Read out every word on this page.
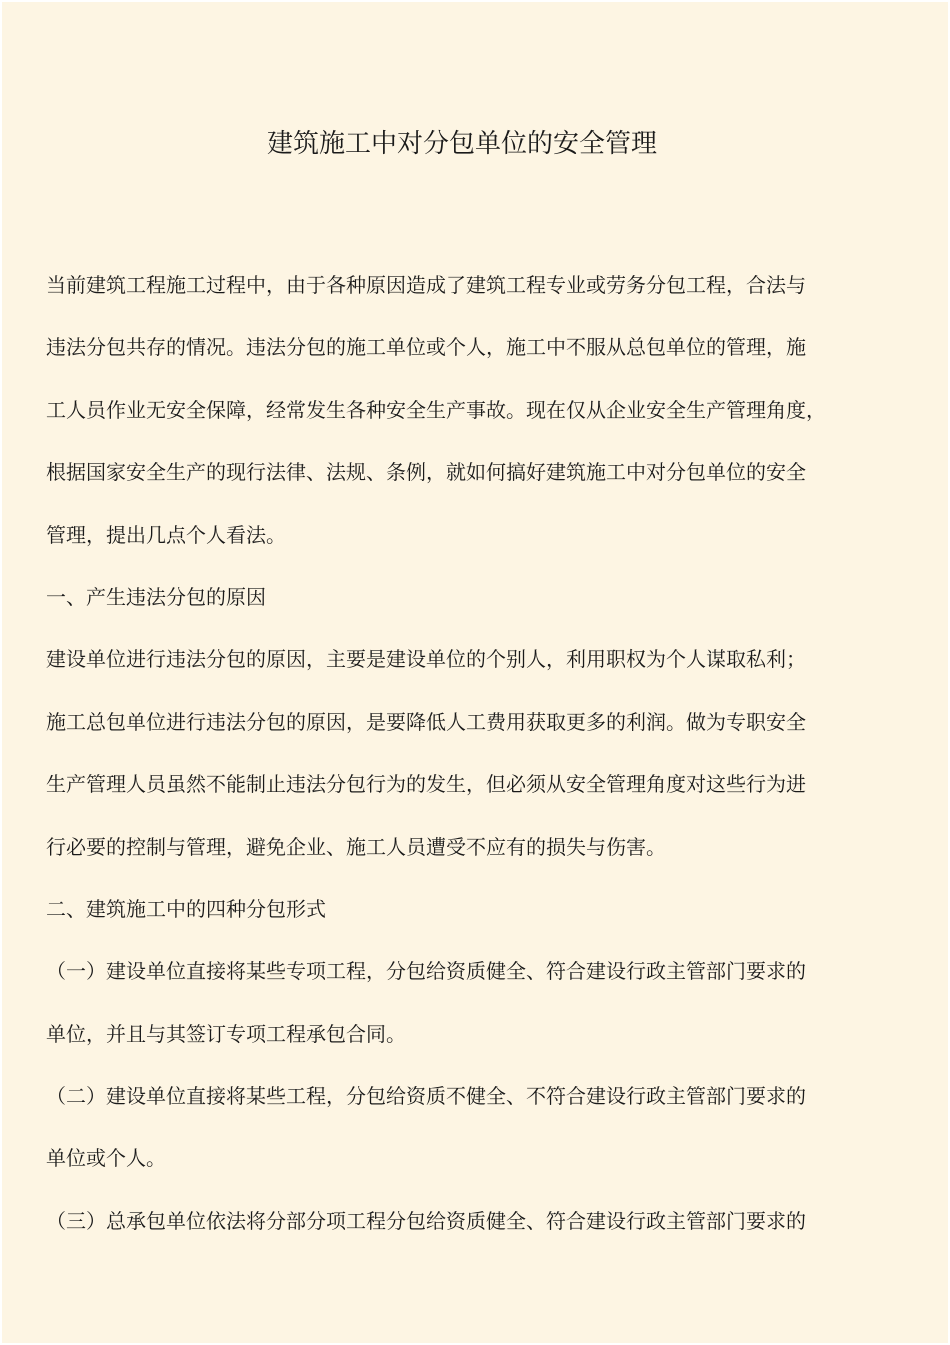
建筑施工中对分包单位的安全管理
当前建筑工程施工过程中，由于各种原因造成了建筑工程专业或劳务分包工程，合法与
违法分包共存的情况。违法分包的施工单位或个人，施工中不服从总包单位的管理，施
工人员作业无安全保障，经常发生各种安全生产事故。现在仅从企业安全生产管理角度，
根据国家安全生产的现行法律、法规、条例，就如何搞好建筑施工中对分包单位的安全
管理，提出几点个人看法。
一、产生违法分包的原因
建设单位进行违法分包的原因，主要是建设单位的个别人，利用职权为个人谋取私利；
施工总包单位进行违法分包的原因，是要降低人工费用获取更多的利润。做为专职安全
生产管理人员虽然不能制止违法分包行为的发生，但必须从安全管理角度对这些行为进
行必要的控制与管理，避免企业、施工人员遭受不应有的损失与伤害。
二、建筑施工中的四种分包形式
（一）建设单位直接将某些专项工程，分包给资质健全、符合建设行政主管部门要求的
单位，并且与其签订专项工程承包合同。
（二）建设单位直接将某些工程，分包给资质不健全、不符合建设行政主管部门要求的
单位或个人。
（三）总承包单位依法将分部分项工程分包给资质健全、符合建设行政主管部门要求的
